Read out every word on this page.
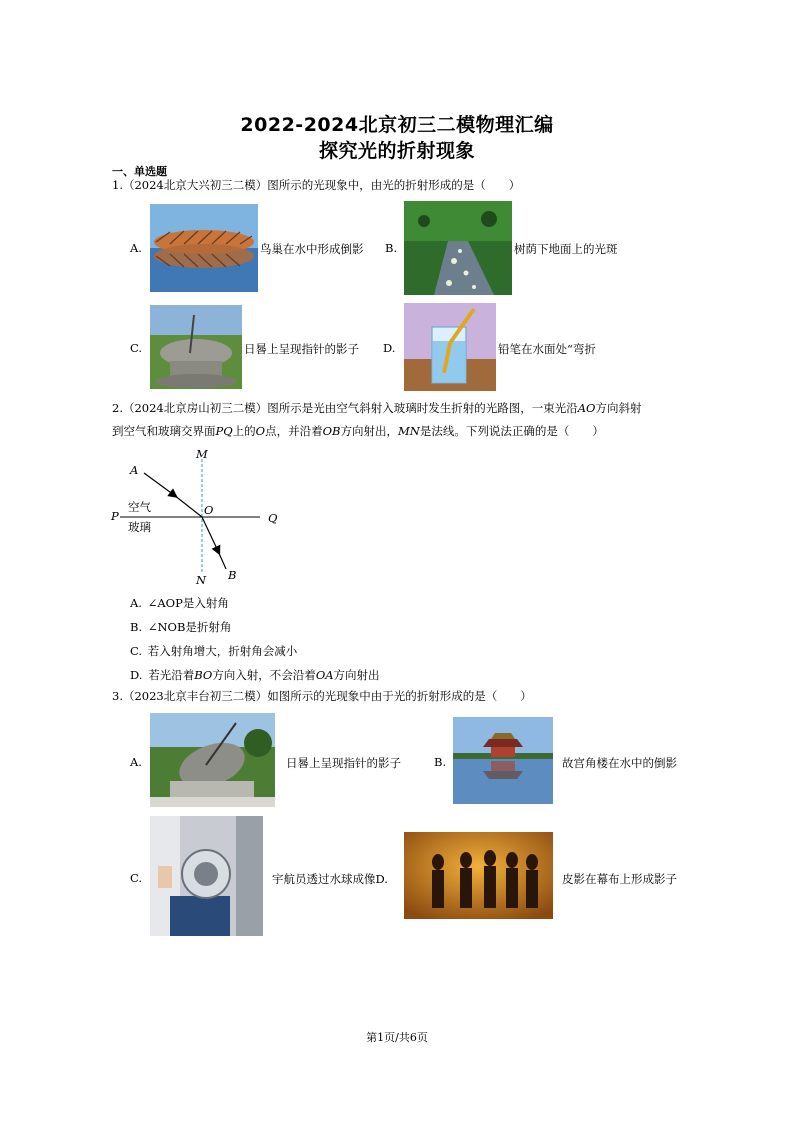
2022-2024北京初三二模物理汇编
探究光的折射现象
一、单选题
1.（2024北京大兴初三二模）图所示的光现象中，由光的折射形成的是（　　）
A.	鸟巢在水中形成倒影 B.	树荫下地面上的光斑
C.	日晷上呈现指针的影子 D.	铅笔在水面处“弯折
2.（2024北京房山初三二模）图所示是光由空气斜射入玻璃时发生折射的光路图，一束光沿AO方向斜射
到空气和玻璃交界面PQ上的O点，并沿着OB方向射出，MN是法线。下列说法正确的是（　　）
M
A
空气
P	O
Q
玻璃
N B
A.  ∠AOP是入射角
B.  ∠NOB是折射角
C.  若入射角增大，折射角会减小
D.  若光沿着BO方向入射，不会沿着OA方向射出
3.（2023北京丰台初三二模）如图所示的光现象中由于光的折射形成的是（　　）
A.	日晷上呈现指针的影子	B.	故宫角楼在水中的倒影
C.	宇航员透过水球成像D.	皮影在幕布上形成影子
第1页/共6页
